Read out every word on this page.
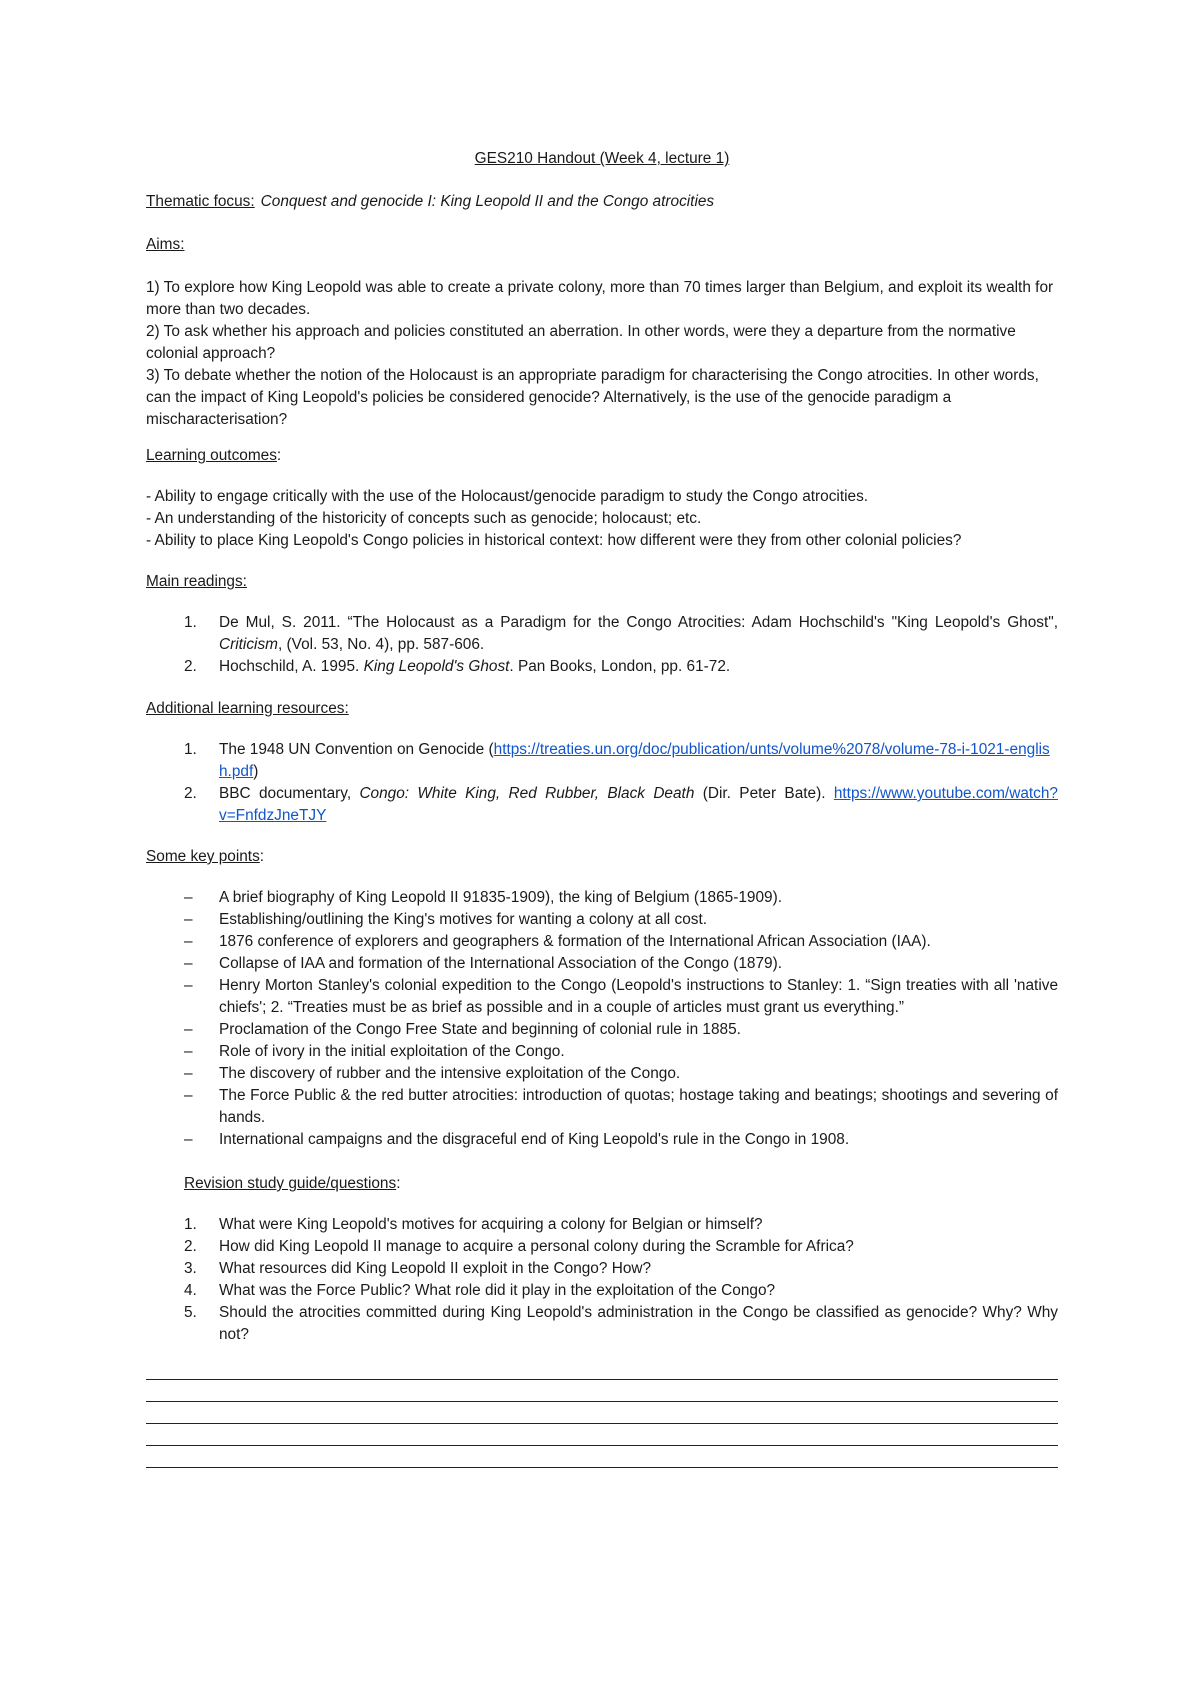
GES210 Handout (Week 4, lecture 1)

Thematic focus: Conquest and genocide I: King Leopold II and the Congo atrocities

Aims:

1) To explore how King Leopold was able to create a private colony, more than 70 times larger than Belgium, and exploit its wealth for more than two decades.

2) To ask whether his approach and policies constituted an aberration. In other words, were they a departure from the normative colonial approach?

3) To debate whether the notion of the Holocaust is an appropriate paradigm for characterising the Congo atrocities. In other words, can the impact of King Leopold's policies be considered genocide? Alternatively, is the use of the genocide paradigm a mischaracterisation?

Learning outcomes:

- Ability to engage critically with the use of the Holocaust/genocide paradigm to study the Congo atrocities.

- An understanding of the historicity of concepts such as genocide; holocaust; etc.

- Ability to place King Leopold's Congo policies in historical context: how different were they from other colonial policies?

Main readings:

1. De Mul, S. 2011. “The Holocaust as a Paradigm for the Congo Atrocities: Adam Hochschild's "King Leopold's Ghost", Criticism, (Vol. 53, No. 4), pp. 587-606.
2. Hochschild, A. 1995. King Leopold's Ghost. Pan Books, London, pp. 61-72.

Additional learning resources:

1. The 1948 UN Convention on Genocide (https://treaties.un.org/doc/publication/unts/volume%2078/volume-78-i-1021-english.pdf)
2. BBC documentary, Congo: White King, Red Rubber, Black Death (Dir. Peter Bate). https://www.youtube.com/watch?v=FnfdzJneTJY

Some key points:

– A brief biography of King Leopold II 91835-1909), the king of Belgium (1865-1909).
– Establishing/outlining the King's motives for wanting a colony at all cost.
– 1876 conference of explorers and geographers & formation of the International African Association (IAA).
– Collapse of IAA and formation of the International Association of the Congo (1879).
– Henry Morton Stanley's colonial expedition to the Congo (Leopold's instructions to Stanley: 1. “Sign treaties with all 'native chiefs'; 2. “Treaties must be as brief as possible and in a couple of articles must grant us everything.”
– Proclamation of the Congo Free State and beginning of colonial rule in 1885.
– Role of ivory in the initial exploitation of the Congo.
– The discovery of rubber and the intensive exploitation of the Congo.
– The Force Public & the red butter atrocities: introduction of quotas; hostage taking and beatings; shootings and severing of hands.
– International campaigns and the disgraceful end of King Leopold's rule in the Congo in 1908.

Revision study guide/questions:

1. What were King Leopold's motives for acquiring a colony for Belgian or himself?
2. How did King Leopold II manage to acquire a personal colony during the Scramble for Africa?
3. What resources did King Leopold II exploit in the Congo? How?
4. What was the Force Public? What role did it play in the exploitation of the Congo?
5. Should the atrocities committed during King Leopold's administration in the Congo be classified as genocide? Why? Why not?
